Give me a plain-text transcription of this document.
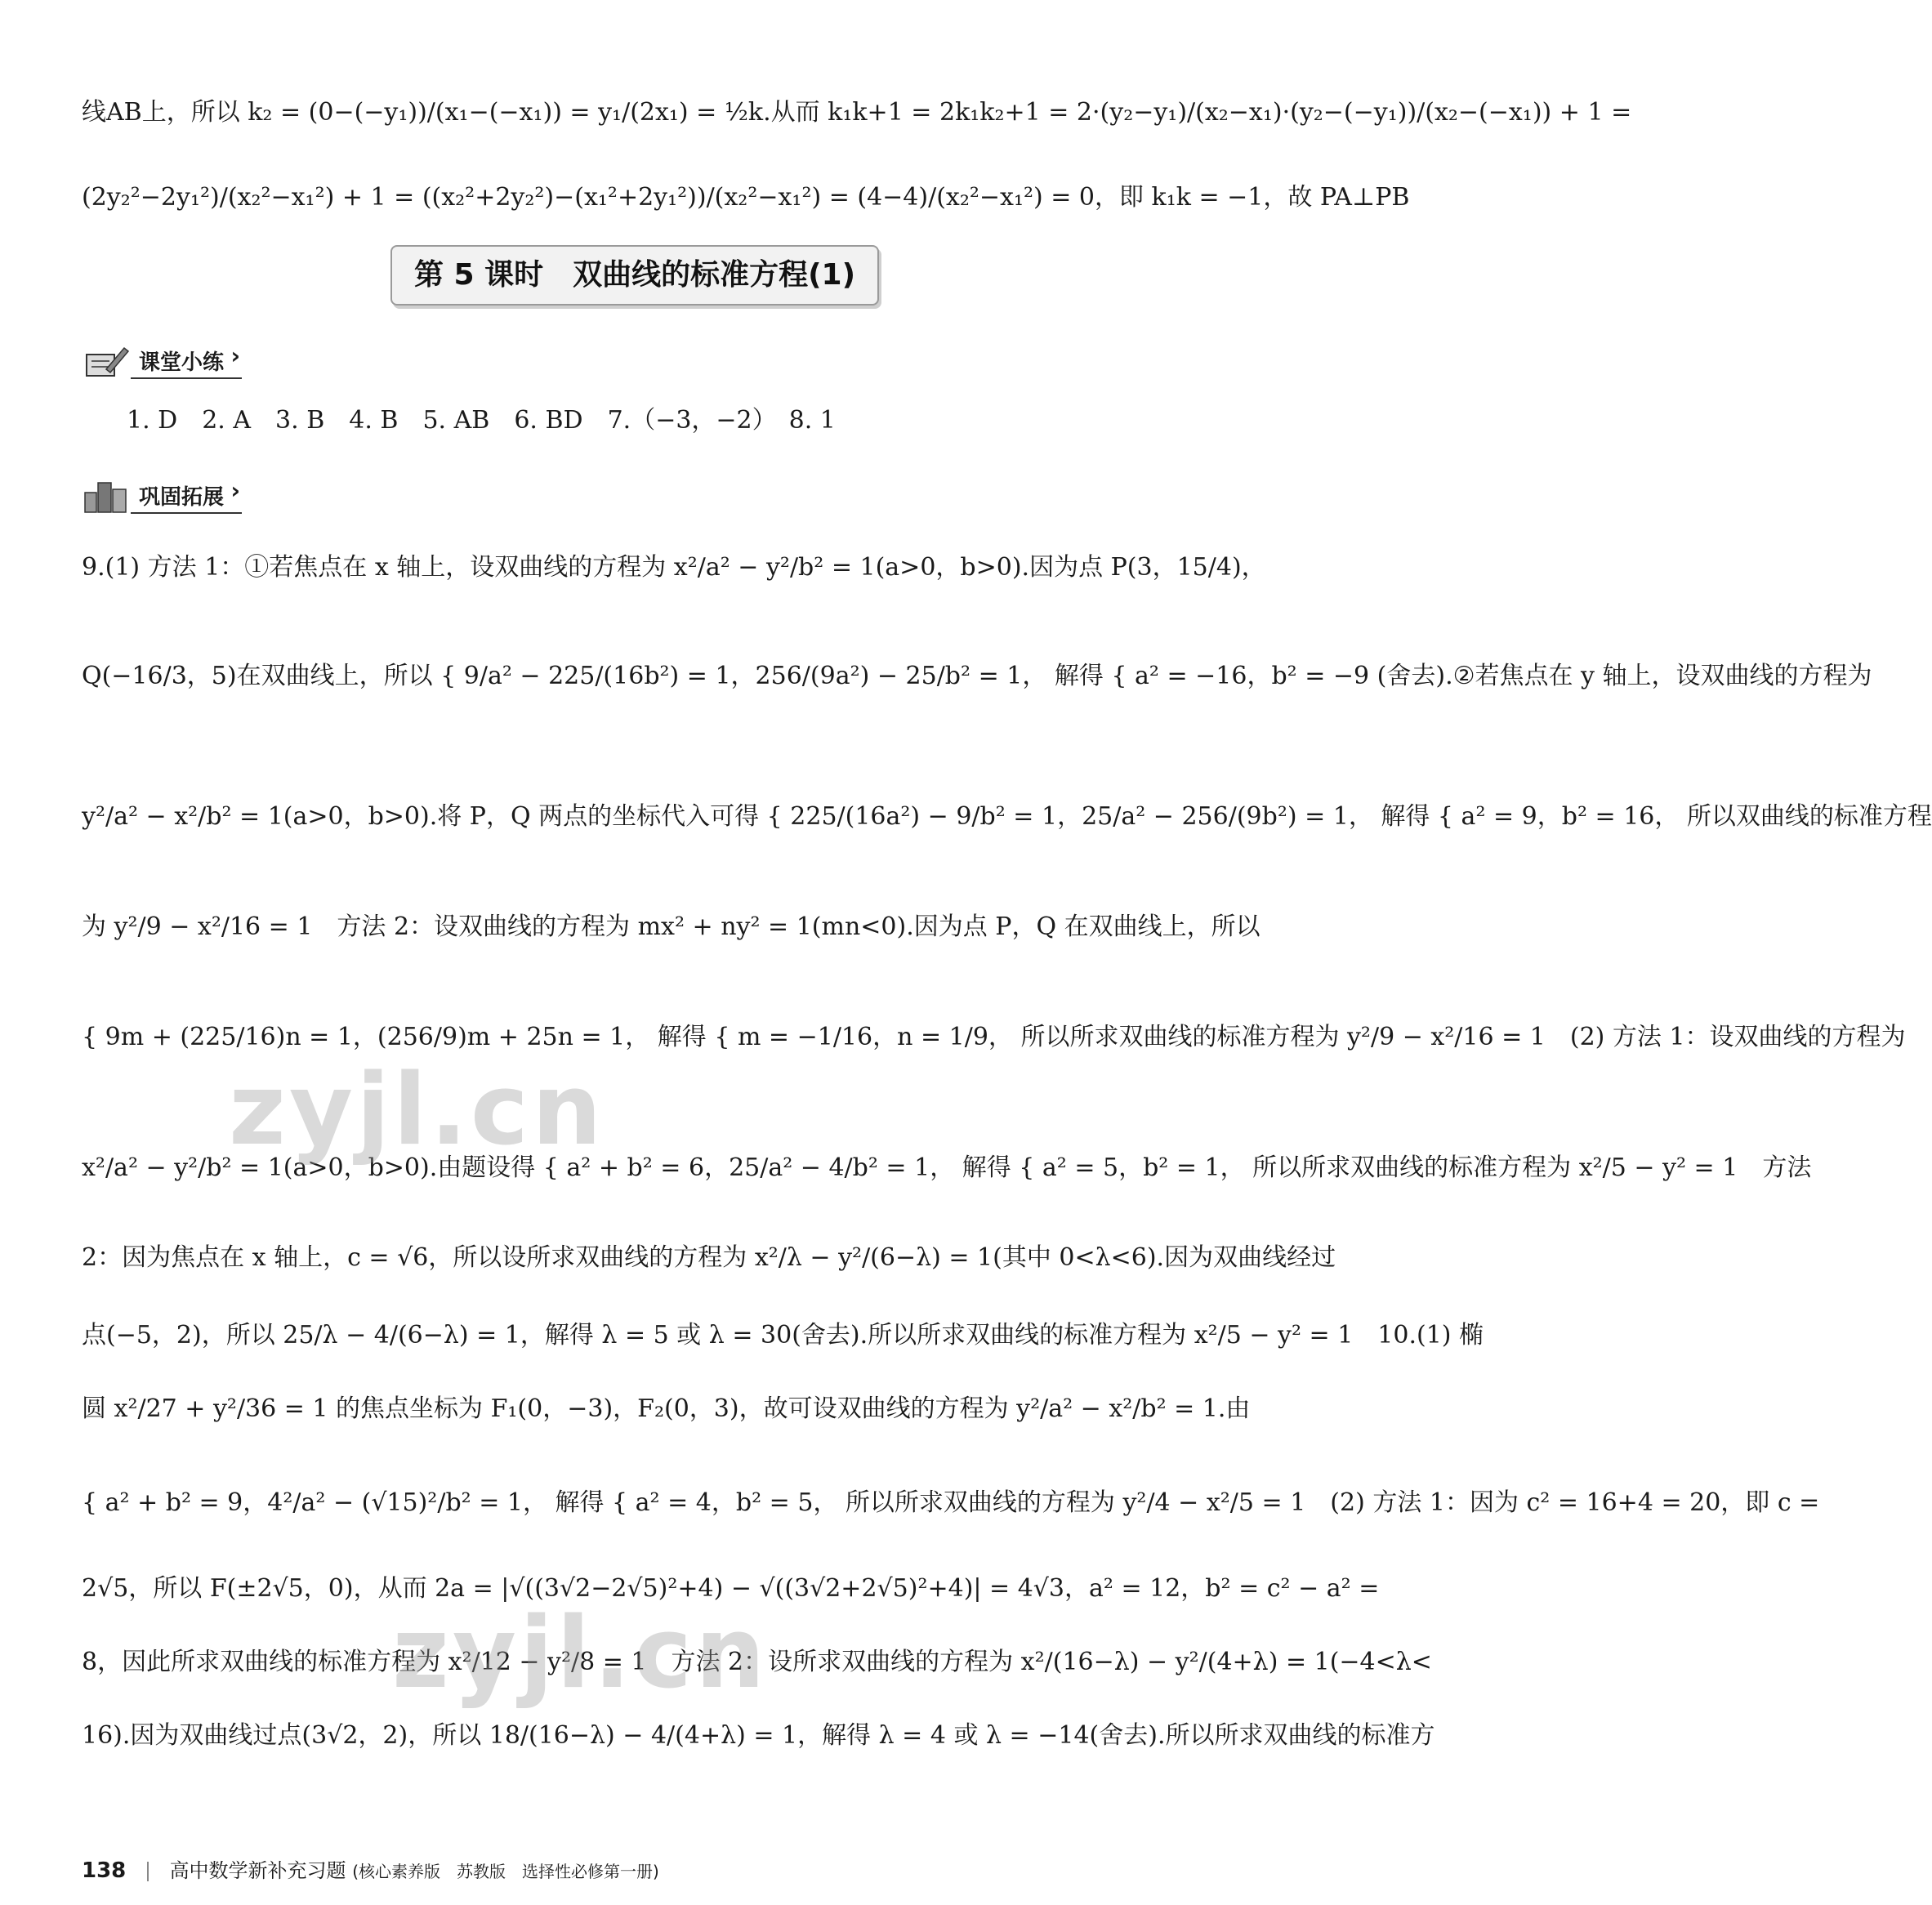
线AB上，所以 k₂ = (0−(−y₁))/(x₁−(−x₁)) = y₁/(2x₁) = ½k.从而 k₁k+1 = 2k₁k₂+1 = 2·(y₂−y₁)/(x₂−x₁)·(y₂−(−y₁))/(x₂−(−x₁)) + 1 =
(2y₂²−2y₁²)/(x₂²−x₁²) + 1 = ((x₂²+2y₂²)−(x₁²+2y₁²))/(x₂²−x₁²) = (4−4)/(x₂²−x₁²) = 0，即 k₁k = −1，故 PA⊥PB
第 5 课时　双曲线的标准方程(1)
课堂小练 ›
1. D　2. A　3. B　4. B　5. AB　6. BD　7.（−3，−2）　8. 1
巩固拓展 ›
9.(1) 方法 1：①若焦点在 x 轴上，设双曲线的方程为 x²/a² − y²/b² = 1(a>0，b>0).因为点 P(3，15/4)，
Q(−16/3，5)在双曲线上，所以 { 9/a² − 225/(16b²) = 1，256/(9a²) − 25/b² = 1， 解得 { a² = −16，b² = −9 (舍去).②若焦点在 y 轴上，设双曲线的方程为
y²/a² − x²/b² = 1(a>0，b>0).将 P，Q 两点的坐标代入可得 { 225/(16a²) − 9/b² = 1，25/a² − 256/(9b²) = 1， 解得 { a² = 9，b² = 16， 所以双曲线的标准方程
为 y²/9 − x²/16 = 1　方法 2：设双曲线的方程为 mx² + ny² = 1(mn<0).因为点 P，Q 在双曲线上，所以
{ 9m + (225/16)n = 1，(256/9)m + 25n = 1， 解得 { m = −1/16，n = 1/9， 所以所求双曲线的标准方程为 y²/9 − x²/16 = 1　(2) 方法 1：设双曲线的方程为
x²/a² − y²/b² = 1(a>0，b>0).由题设得 { a² + b² = 6，25/a² − 4/b² = 1， 解得 { a² = 5，b² = 1， 所以所求双曲线的标准方程为 x²/5 − y² = 1　方法
2：因为焦点在 x 轴上，c = √6，所以设所求双曲线的方程为 x²/λ − y²/(6−λ) = 1(其中 0<λ<6).因为双曲线经过
点(−5，2)，所以 25/λ − 4/(6−λ) = 1，解得 λ = 5 或 λ = 30(舍去).所以所求双曲线的标准方程为 x²/5 − y² = 1　10.(1) 椭
圆 x²/27 + y²/36 = 1 的焦点坐标为 F₁(0，−3)，F₂(0，3)，故可设双曲线的方程为 y²/a² − x²/b² = 1.由
{ a² + b² = 9，4²/a² − (√15)²/b² = 1， 解得 { a² = 4，b² = 5， 所以所求双曲线的方程为 y²/4 − x²/5 = 1　(2) 方法 1：因为 c² = 16+4 = 20，即 c =
2√5，所以 F(±2√5，0)，从而 2a = |√((3√2−2√5)²+4) − √((3√2+2√5)²+4)| = 4√3，a² = 12，b² = c² − a² =
8，因此所求双曲线的标准方程为 x²/12 − y²/8 = 1　方法 2：设所求双曲线的方程为 x²/(16−λ) − y²/(4+λ) = 1(−4<λ<
16).因为双曲线过点(3√2，2)，所以 18/(16−λ) − 4/(4+λ) = 1，解得 λ = 4 或 λ = −14(舍去).所以所求双曲线的标准方
zyjl.cn
zyjl.cn
138 高中数学新补充习题 (核心素养版　苏教版　选择性必修第一册)
